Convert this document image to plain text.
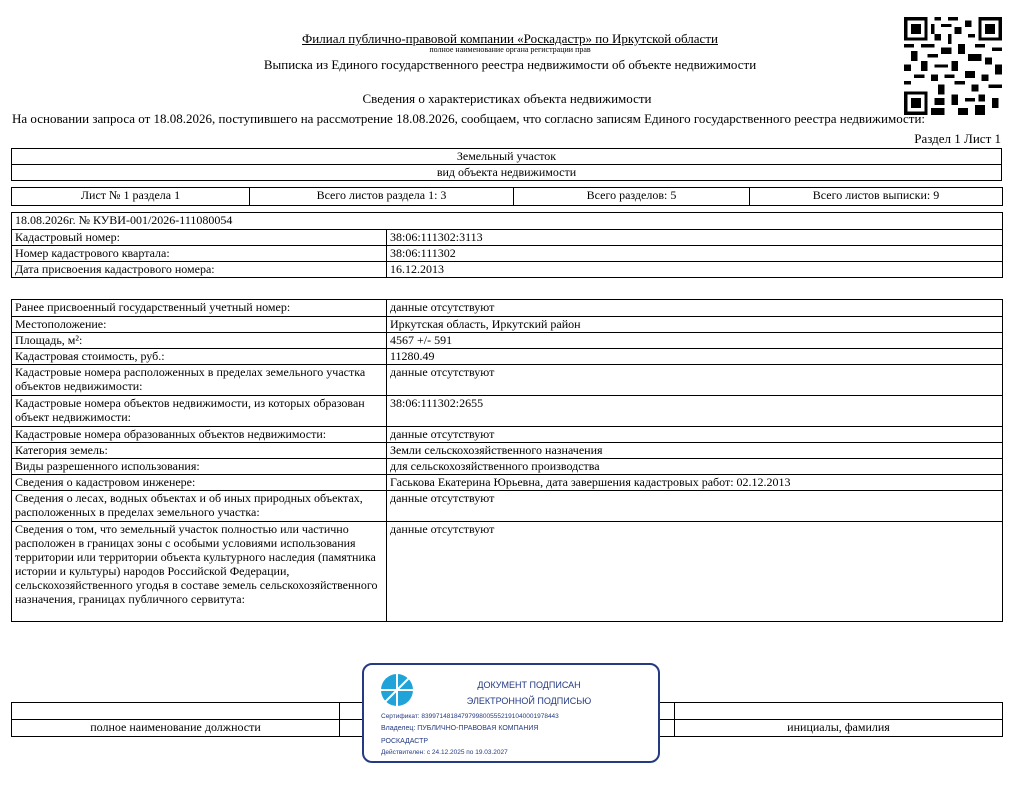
Филиал публично-правовой компании «Роскадастр» по Иркутской области
полное наименование органа регистрации прав
Выписка из Единого государственного реестра недвижимости об объекте недвижимости
Сведения о характеристиках объекта недвижимости
На основании запроса от 18.08.2026, поступившего на рассмотрение 18.08.2026, сообщаем, что согласно записям Единого государственного реестра недвижимости:
Раздел 1 Лист 1
Земельный участок
вид объекта недвижимости
Лист № 1 раздела 1	Всего листов раздела 1: 3	Всего разделов: 5	Всего листов выписки: 9
18.08.2026г. № КУВИ-001/2026-111080054	
Кадастровый номер:	38:06:111302:3113
Номер кадастрового квартала:	38:06:111302
Дата присвоения кадастрового номера:	16.12.2013
Ранее присвоенный государственный учетный номер:	данные отсутствуют
Местоположение:	Иркутская область, Иркутский район
Площадь, м²:	4567 +/- 591
Кадастровая стоимость, руб.:	11280.49
Кадастровые номера расположенных в пределах земельного участка объектов недвижимости:	данные отсутствуют
Кадастровые номера объектов недвижимости, из которых образован объект недвижимости:	38:06:111302:2655
Кадастровые номера образованных объектов недвижимости:	данные отсутствуют
Категория земель:	Земли сельскохозяйственного назначения
Виды разрешенного использования:	для сельскохозяйственного производства
Сведения о кадастровом инженере:	Гаськова Екатерина Юрьевна, дата завершения кадастровых работ: 02.12.2013
Сведения о лесах, водных объектах и об иных природных объектах, расположенных в пределах земельного участка:	данные отсутствуют
Сведения о том, что земельный участок полностью или частично расположен в границах зоны с особыми условиями использования территории или территории объекта культурного наследия (памятника истории и культуры) народов Российской Федерации, сельскохозяйственного угодья в составе земель сельскохозяйственного назначения, границах публичного сервитута:	данные отсутствуют

полное наименование должности		инициалы, фамилия
ДОКУМЕНТ ПОДПИСАН
ЭЛЕКТРОННОЙ ПОДПИСЬЮ
Сертификат: 839971481847979980055521910400019784​43
Владелец: ПУБЛИЧНО-ПРАВОВАЯ КОМПАНИЯ
РОСКАДАСТР
Действителен: с 24.12.2025 по 19.03.2027
